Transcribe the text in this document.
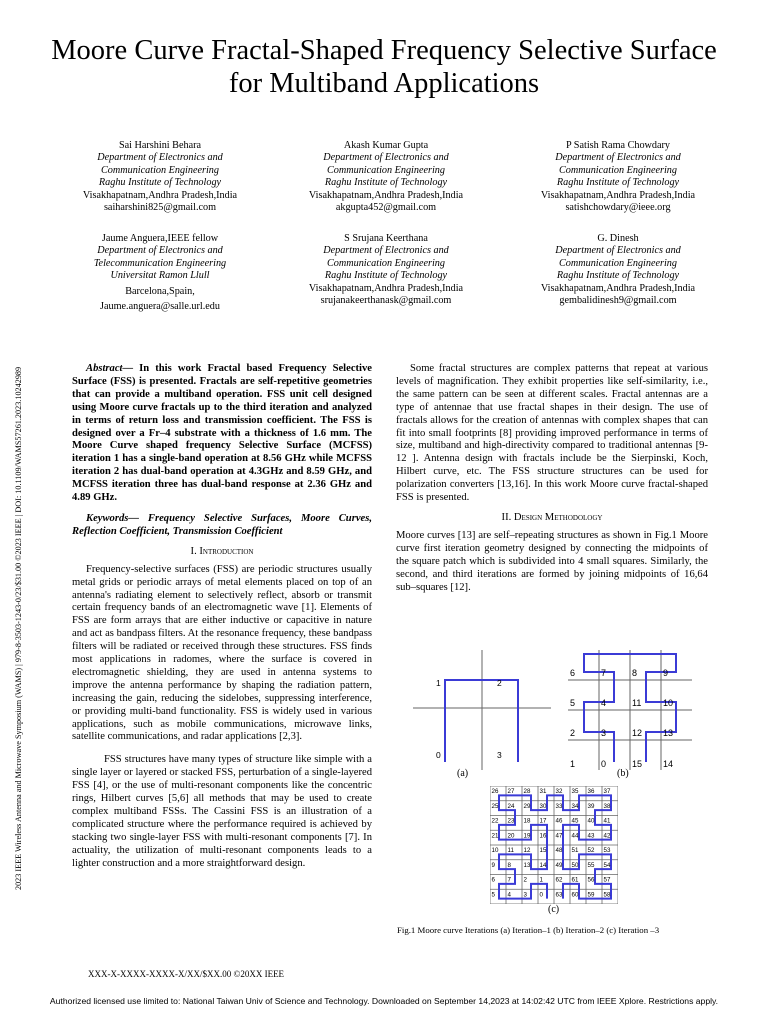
Moore Curve Fractal-Shaped Frequency Selective Surface for Multiband Applications
Sai Harshini Behara
Department of Electronics and
Communication Engineering
Raghu Institute of Technology
Visakhapatnam,Andhra Pradesh,India
saiharshini825@gmail.com
Akash Kumar Gupta
Department of Electronics and
Communication Engineering
Raghu Institute of Technology
Visakhapatnam,Andhra Pradesh,India
akgupta452@gmail.com
P Satish Rama Chowdary
Department of Electronics and
Communication Engineering
Raghu Institute of Technology
Visakhapatnam,Andhra Pradesh,India
satishchowdary@ieee.org
Jaume Anguera,IEEE fellow
Department of Electronics and
Telecommunication Engineering
Universitat Ramon Llull
Barcelona,Spain,
Jaume.anguera@salle.url.edu
S Srujana Keerthana
Department of Electronics and
Communication Engineering
Raghu Institute of Technology
Visakhapatnam,Andhra Pradesh,India
srujanakeerthanask@gmail.com
G. Dinesh
Department of Electronics and
Communication Engineering
Raghu Institute of Technology
Visakhapatnam,Andhra Pradesh,India
gembalidinesh9@gmail.com
2023 IEEE Wireless Antenna and Microwave Symposium (WAMS) | 979-8-3503-1243-0/23/$31.00 ©2023 IEEE | DOI: 10.1109/WAMS57261.2023.10242989	Abstract— In this work Fractal based Frequency Selective Surface (FSS) is presented. Fractals are self-repetitive geometries that can provide a multiband operation. FSS unit cell designed using Moore curve fractals up to the third iteration and analyzed in terms of return loss and transmission coefficient. The FSS is designed over a Fr–4 substrate with a thickness of 1.6 mm. The Moore Curve shaped frequency Selective Surface (MCFSS) iteration 1 has a single-band operation at 8.56 GHz while MCFSS iteration 2 has dual-band operation at 4.3GHz and 8.59 GHz, and MCFSS iteration three has dual-band response at 2.36 GHz and 4.89 GHz.

Keywords— Frequency Selective Surfaces, Moore Curves, Reflection Coefficient, Transmission Coefficient

I. Introduction

Frequency-selective surfaces (FSS) are periodic structures usually metal grids or periodic arrays of metal elements placed on top of an antenna's radiating element to selectively reflect, absorb or transmit certain frequency bands of an electromagnetic wave [1]. Elements of FSS are form arrays that are either inductive or capacitive in nature and act as bandpass filters. At the resonance frequency, these bandpass filters will be radiated or received through these structures. FSS finds most applications in radomes, where the surface is covered in electromagnetic shielding, they are used in antenna systems to improve the antenna performance by shaping the radiation pattern, increasing the gain, reducing the sidelobes, suppressing interference, or providing multi-band functionality. FSS is widely used in various applications, such as mobile communications, microwave links, satellite communications, and radar applications [2,3].

FSS structures have many types of structure like simple with a single layer or layered or stacked FSS, perturbation of a single-layered FSS [4], or the use of multi-resonant components like the concentric rings, Hilbert curves [5,6] all methods that may be used to create complex multiband FSSs. The Cassini FSS is an illustration of a complicated structure where the performance required is achieved by stacking two single-layer FSS with multi-resonant components [7]. In actuality, the utilization of multi-resonant components leads to a lighter construction and a more straightforward design.

Some fractal structures are complex patterns that repeat at various levels of magnification. They exhibit properties like self-similarity, i.e., the same pattern can be seen at different scales. Fractal antennas are a type of antennae that use fractal shapes in their design. The use of fractals allows for the creation of antennas with complex shapes that can fit into small footprints [8] providing improved performance in terms of size, multiband and high-directivity compared to traditional antennas [9-12 ]. Antenna design with fractals include be the Sierpinski, Koch, Hilbert curve, etc. The FSS structure structures can be used for polarization converters [13,16]. In this work Moore curve fractal-shaped FSS is presented.

II. Design Methodology

Moore curves [13] are self–repeating structures as shown in Fig.1 Moore curve first iteration geometry designed by connecting the midpoints of the square patch which is subdivided into 4 small squares. Similarly, the second, and third iterations are formed by joining midpoints of 16,64 sub–squares [12].

1	2
0	3
(a)
6	7	8	9
5	4	11 10
2	3	12 13
1	0	15 14
(b)
26 27 28 31 32 35 36 37
25 24 29 30 33 34 39 38
22 23 18 17 46 45 40 41
21 20 19 16 47 44 43 42
10 11 12 15 48 51 52 53
9 8 13 14 49 50 55 54
6 7 2 1 62 61 56 57
5 4 3 0 63 60 59 58
(c)
Fig.1 Moore curve Iterations (a) Iteration–1 (b) Iteration–2 (c) Iteration –3
XXX-X-XXXX-XXXX-X/XX/$XX.00 ©20XX IEEE
Authorized licensed use limited to: National Taiwan Univ of Science and Technology. Downloaded on September 14,2023 at 14:02:42 UTC from IEEE Xplore. Restrictions apply.
